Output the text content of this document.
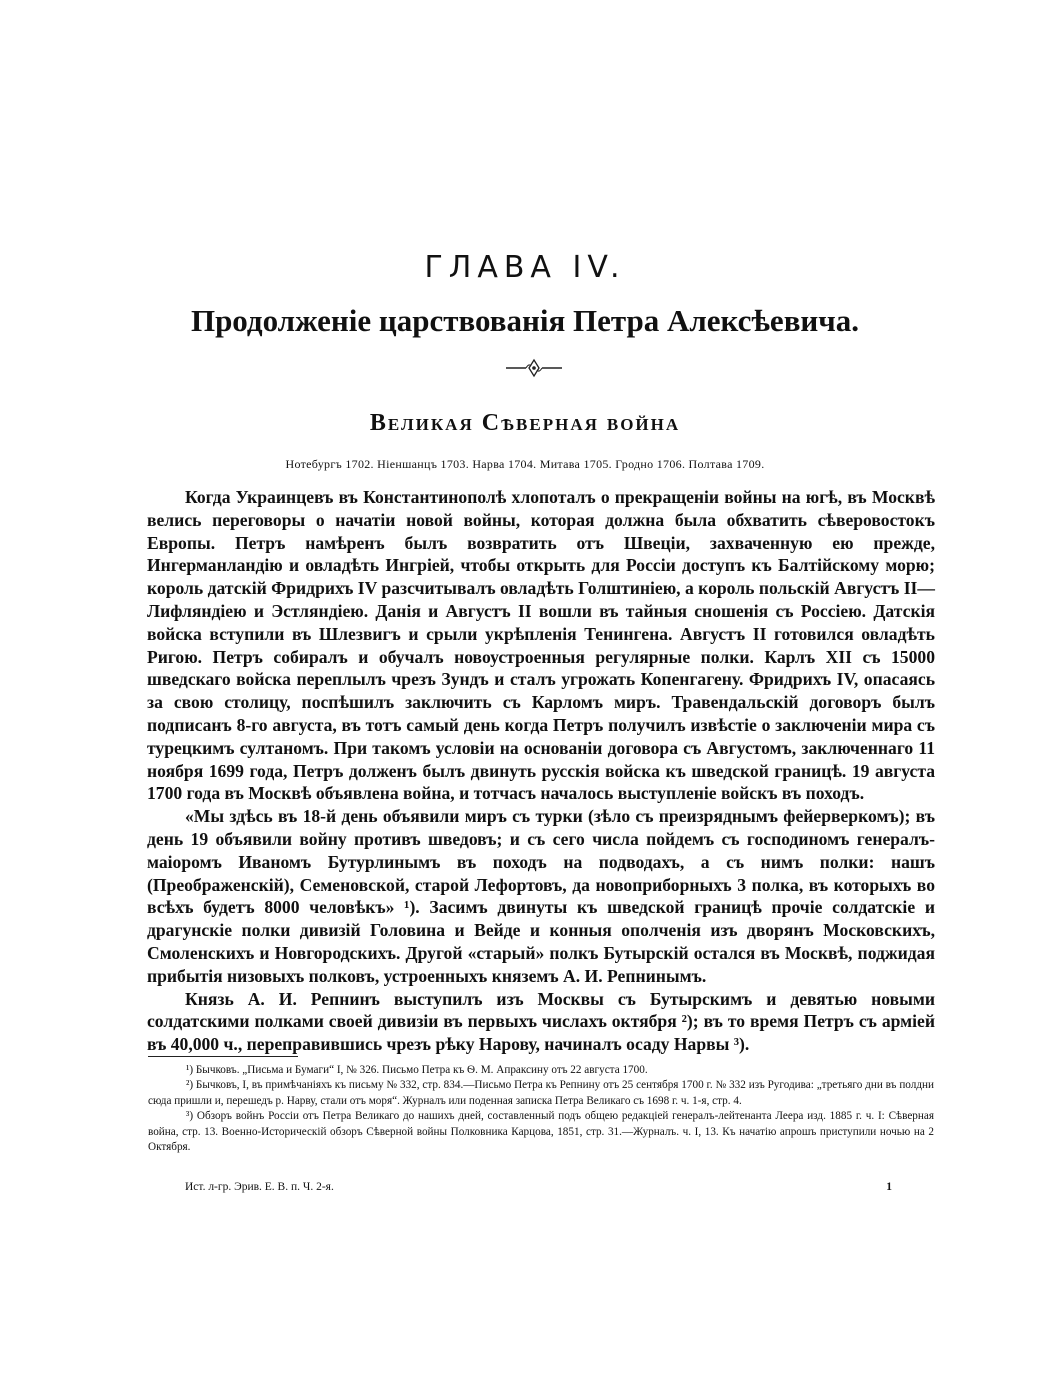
ГЛАВА IV.
Продолженіе царствованія Петра Алексѣевича.
Великая Сѣверная война
Нотебургъ 1702. Ніеншанцъ 1703. Нарва 1704. Митава 1705. Гродно 1706. Полтава 1709.

Когда Украинцевъ въ Константинополѣ хлопоталъ о прекращеніи войны на югѣ, въ Москвѣ велись переговоры о начатіи новой войны, которая должна была обхватить сѣверовостокъ Европы. Петръ намѣренъ былъ возвратить отъ Швеціи, захваченную ею прежде, Ингерманландію и овладѣть Ингріей, чтобы открыть для Россіи доступъ къ Балтійскому морю; король датскій Фридрихъ IV разсчитывалъ овладѣть Голштиніею, а король польскій Августъ II—Лифляндіею и Эстляндіею. Данія и Августъ II вошли въ тайныя сношенія съ Россіею. Датскія войска вступили въ Шлезвигъ и срыли укрѣпленія Тенингена. Августъ II готовился овладѣть Ригою. Петръ собиралъ и обучалъ новоустроенныя регулярные полки. Карлъ XII съ 15000 шведскаго войска переплылъ чрезъ Зундъ и сталъ угрожать Копенгагену. Фридрихъ IV, опасаясь за свою столицу, поспѣшилъ заключить съ Карломъ миръ. Травендальскій договоръ былъ подписанъ 8-го августа, въ тотъ самый день когда Петръ получилъ извѣстіе о заключеніи мира съ турецкимъ султаномъ. При такомъ условіи на основаніи договора съ Августомъ, заключеннаго 11 ноября 1699 года, Петръ долженъ былъ двинуть русскія войска къ шведской границѣ. 19 августа 1700 года въ Москвѣ объявлена война, и тотчасъ началось выступленіе войскъ въ походъ.

«Мы здѣсь въ 18-й день объявили миръ съ турки (зѣло съ преизряднымъ фейерверкомъ); въ день 19 объявили войну противъ шведовъ; и съ сего числа пойдемъ съ господиномъ генералъ-маіоромъ Иваномъ Бутурлинымъ въ походъ на подводахъ, а съ нимъ полки: нашъ (Преображенскій), Семеновской, старой Лефортовъ, да новоприборныхъ 3 полка, въ которыхъ во всѣхъ будетъ 8000 человѣкъ» ¹). Засимъ двинуты къ шведской границѣ прочіе солдатскіе и драгунскіе полки дивизій Головина и Вейде и конныя ополченія изъ дворянъ Московскихъ, Смоленскихъ и Новгородскихъ. Другой «старый» полкъ Бутырскій остался въ Москвѣ, поджидая прибытія низовыхъ полковъ, устроенныхъ княземъ А. И. Репнинымъ.

Князь А. И. Репнинъ выступилъ изъ Москвы съ Бутырскимъ и девятью новыми солдатскими полками своей дивизіи въ первыхъ числахъ октября ²); въ то время Петръ съ арміей въ 40,000 ч., переправившись чрезъ рѣку Нарову, начиналъ осаду Нарвы ³).

¹) Бычковъ. „Письма и Бумаги“ I, № 326. Письмо Петра къ Ѳ. М. Апраксину отъ 22 августа 1700.

²) Бычковъ, I, въ примѣчаніяхъ къ письму № 332, стр. 834.—Письмо Петра къ Репнину отъ 25 сентября 1700 г. № 332 изъ Ругодива: „третьяго дни въ полдни сюда пришли и, перешедъ р. Нарву, стали отъ моря“. Журналъ или поденная записка Петра Великаго съ 1698 г. ч. 1-я, стр. 4.

³) Обзоръ войнъ Россіи отъ Петра Великаго до нашихъ дней, составленный подъ общею редакціей генералъ-лейтенанта Леера изд. 1885 г. ч. I: Сѣверная война, стр. 13. Военно-Историческій обзоръ Сѣверной войны Полковника Карцова, 1851, стр. 31.—Журналъ. ч. I, 13. Къ начатію апрошъ приступили ночью на 2 Октября.

Ист. л-гр. Эрив. Е. В. п. Ч. 2-я.	1
